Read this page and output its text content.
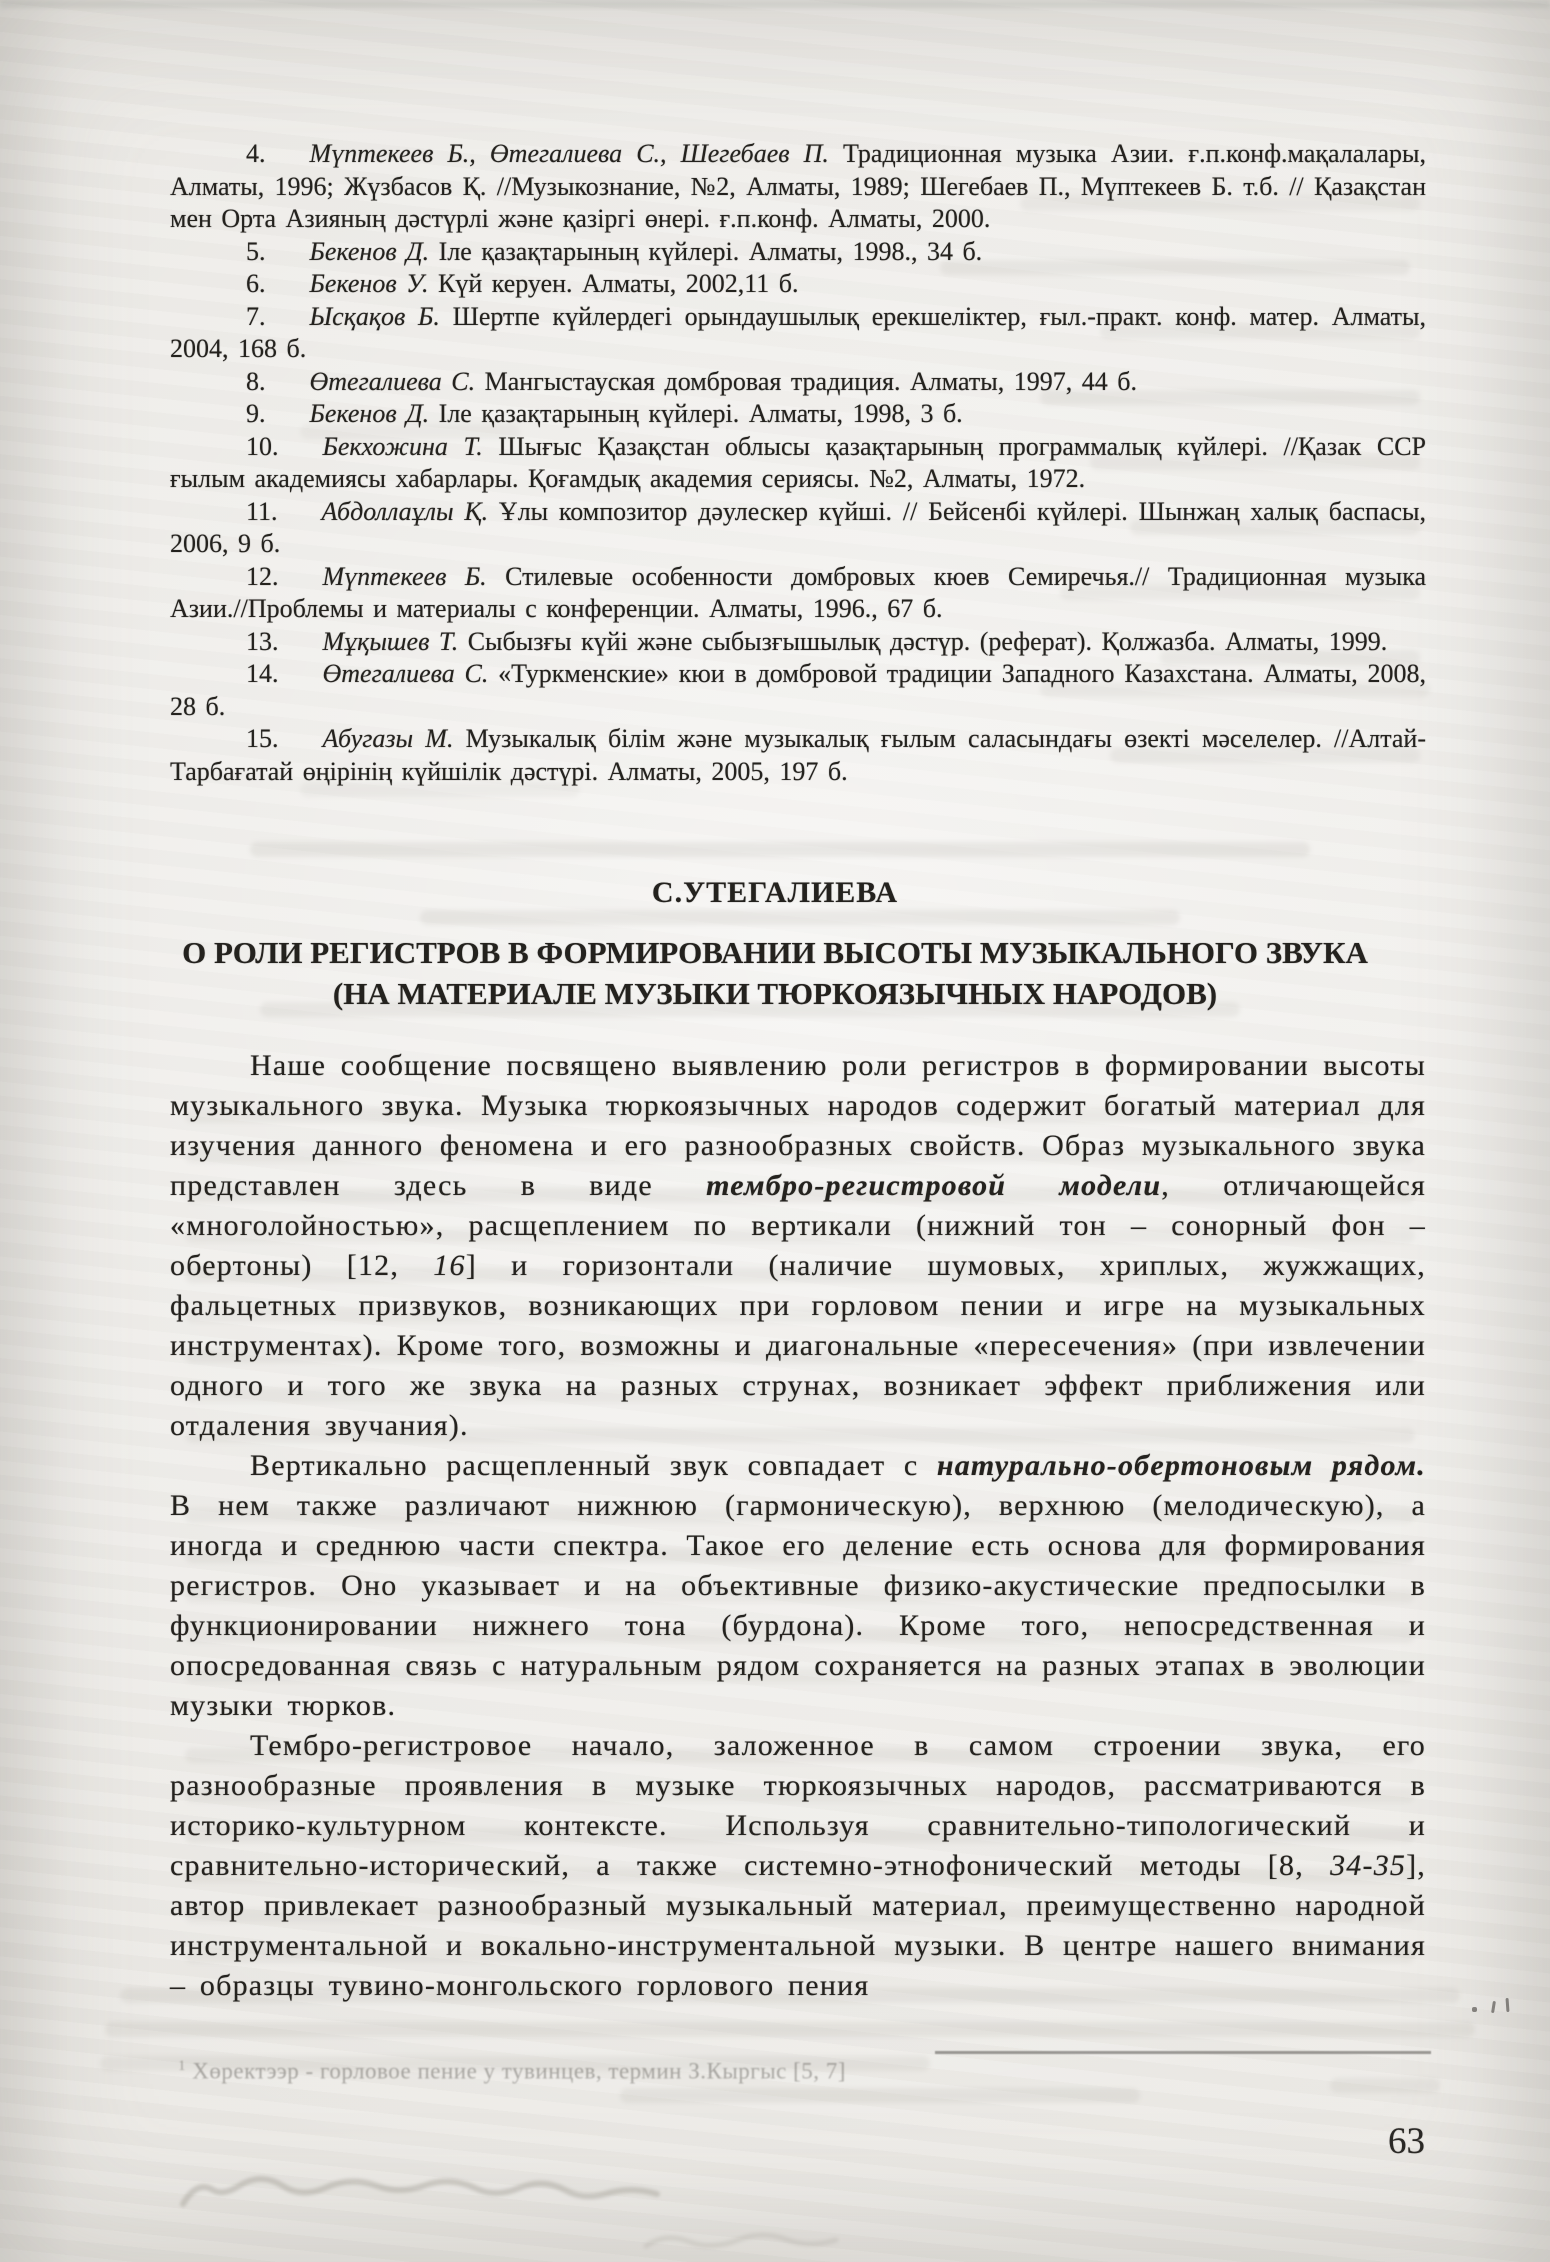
4. Мүптекеев Б., Өтегалиева С., Шегебаев П. Традиционная музыка Азии. ғ.п.конф.мақалалары, Алматы, 1996; Жүзбасов Қ. //Музыкознание, №2, Алматы, 1989; Шегебаев П., Мүптекеев Б. т.б. // Қазақстан мен Орта Азияның дәстүрлі және қазіргі өнері. ғ.п.конф. Алматы, 2000.

5. Бекенов Д. Іле қазақтарының күйлері. Алматы, 1998., 34 б.

6. Бекенов У. Күй керуен. Алматы, 2002,11 б.

7. Ысқақов Б. Шертпе күйлердегі орындаушылық ерекшеліктер, ғыл.-практ. конф. матер. Алматы, 2004, 168 б.

8. Өтегалиева С. Мангыстауская домбровая традиция. Алматы, 1997, 44 б.

9. Бекенов Д. Іле қазақтарының күйлері. Алматы, 1998, 3 б.

10. Бекхожина Т. Шығыс Қазақстан облысы қазақтарының программалық күйлері. //Қазак ССР ғылым академиясы хабарлары. Қоғамдық академия сериясы. №2, Алматы, 1972.

11. Абдоллаұлы Қ. Ұлы композитор дәулескер күйші. // Бейсенбі күйлері. Шынжаң халық баспасы, 2006, 9 б.

12. Мүптекеев Б. Стилевые особенности домбровых кюев Семиречья.// Традиционная музыка Азии.//Проблемы и материалы с конференции. Алматы, 1996., 67 б.

13. Мұқышев Т. Сыбызғы күйі және сыбызғышылық дәстүр. (реферат). Қолжазба. Алматы, 1999.

14. Өтегалиева С. «Туркменские» кюи в домбровой традиции Западного Казахстана. Алматы, 2008, 28 б.

15. Абугазы М. Музыкалық білім және музыкалық ғылым саласындағы өзекті мәселелер. //Алтай-Тарбағатай өңірінің күйшілік дәстүрі. Алматы, 2005, 197 б.

С.УТЕГАЛИЕВА
О РОЛИ РЕГИСТРОВ В ФОРМИРОВАНИИ ВЫСОТЫ МУЗЫКАЛЬНОГО ЗВУКА
(НА МАТЕРИАЛЕ МУЗЫКИ ТЮРКОЯЗЫЧНЫХ НАРОДОВ)

Наше сообщение посвящено выявлению роли регистров в формировании высоты музыкального звука. Музыка тюркоязычных народов содержит богатый материал для изучения данного феномена и его разнообразных свойств. Образ музыкального звука представлен здесь в виде тембро-регистровой модели, отличающейся «многолойностью», расщеплением по вертикали (нижний тон – сонорный фон – обертоны) [12, 16] и горизонтали (наличие шумовых, хриплых, жужжащих, фальцетных призвуков, возникающих при горловом пении и игре на музыкальных инструментах). Кроме того, возможны и диагональные «пересечения» (при извлечении одного и того же звука на разных струнах, возникает эффект приближения или отдаления звучания).

Вертикально расщепленный звук совпадает с натурально-обертоновым рядом. В нем также различают нижнюю (гармоническую), верхнюю (мелодическую), а иногда и среднюю части спектра. Такое его деление есть основа для формирования регистров. Оно указывает и на объективные физико-акустические предпосылки в функционировании нижнего тона (бурдона). Кроме того, непосредственная и опосредованная связь с натуральным рядом сохраняется на разных этапах в эволюции музыки тюрков.

Тембро-регистровое начало, заложенное в самом строении звука, его разнообразные проявления в музыке тюркоязычных народов, рассматриваются в историко-культурном контексте. Используя сравнительно-типологический и сравнительно-исторический, а также системно-этнофонический методы [8, 34-35], автор привлекает разнообразный музыкальный материал, преимущественно народной инструментальной и вокально-инструментальной музыки. В центре нашего внимания – образцы тувино-монгольского горлового пения

$^1$ Хөректээр - горловое пение у тувинцев, термин З.Кыргыс [5, 7]
63
